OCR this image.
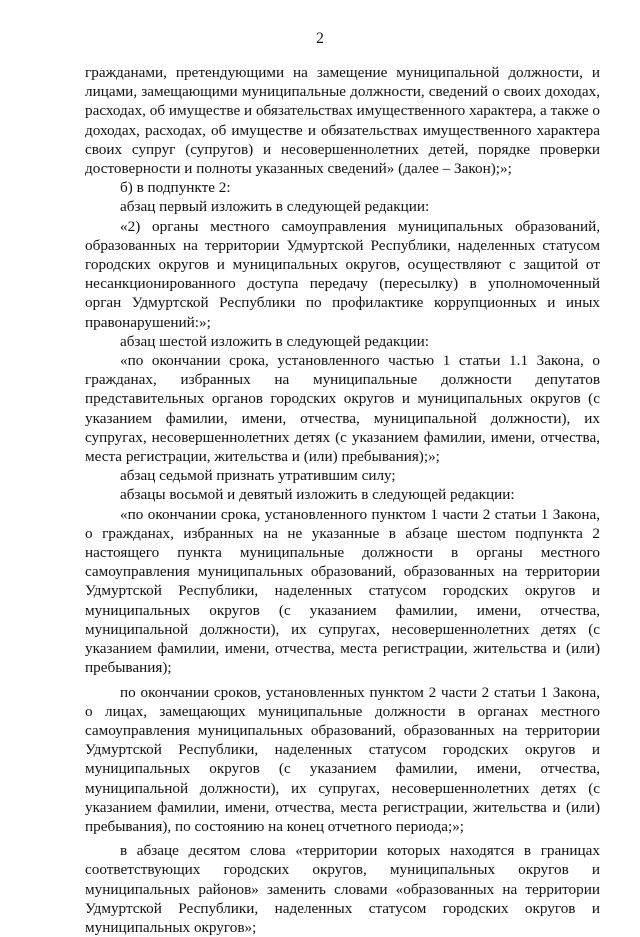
2

гражданами, претендующими на замещение муниципальной должности, и лицами, замещающими муниципальные должности, сведений о своих доходах, расходах, об имуществе и обязательствах имущественного характера, а также о доходах, расходах, об имуществе и обязательствах имущественного характера своих супруг (супругов) и несовершеннолетних детей, порядке проверки достоверности и полноты указанных сведений» (далее – Закон);»;

б) в подпункте 2:

абзац первый изложить в следующей редакции:

«2) органы местного самоуправления муниципальных образований, образованных на территории Удмуртской Республики, наделенных статусом городских округов и муниципальных округов, осуществляют с защитой от несанкционированного доступа передачу (пересылку) в уполномоченный орган Удмуртской Республики по профилактике коррупционных и иных правонарушений:»;

абзац шестой изложить в следующей редакции:

«по окончании срока, установленного частью 1 статьи 1.1 Закона, о гражданах, избранных на муниципальные должности депутатов представительных органов городских округов и муниципальных округов (с указанием фамилии, имени, отчества, муниципальной должности), их супругах, несовершеннолетних детях (с указанием фамилии, имени, отчества, места регистрации, жительства и (или) пребывания);»;

абзац седьмой признать утратившим силу;

абзацы восьмой и девятый изложить в следующей редакции:

«по окончании срока, установленного пунктом 1 части 2 статьи 1 Закона, о гражданах, избранных на не указанные в абзаце шестом подпункта 2 настоящего пункта муниципальные должности в органы местного самоуправления муниципальных образований, образованных на территории Удмуртской Республики, наделенных статусом городских округов и муниципальных округов (с указанием фамилии, имени, отчества, муниципальной должности), их супругах, несовершеннолетних детях (с указанием фамилии, имени, отчества, места регистрации, жительства и (или) пребывания);

по окончании сроков, установленных пунктом 2 части 2 статьи 1 Закона, о лицах, замещающих муниципальные должности в органах местного самоуправления муниципальных образований, образованных на территории Удмуртской Республики, наделенных статусом городских округов и муниципальных округов (с указанием фамилии, имени, отчества, муниципальной должности), их супругах, несовершеннолетних детях (с указанием фамилии, имени, отчества, места регистрации, жительства и (или) пребывания), по состоянию на конец отчетного периода;»;

в абзаце десятом слова «территории которых находятся в границах соответствующих городских округов, муниципальных округов и муниципальных районов» заменить словами «образованных на территории Удмуртской Республики, наделенных статусом городских округов и муниципальных округов»;
